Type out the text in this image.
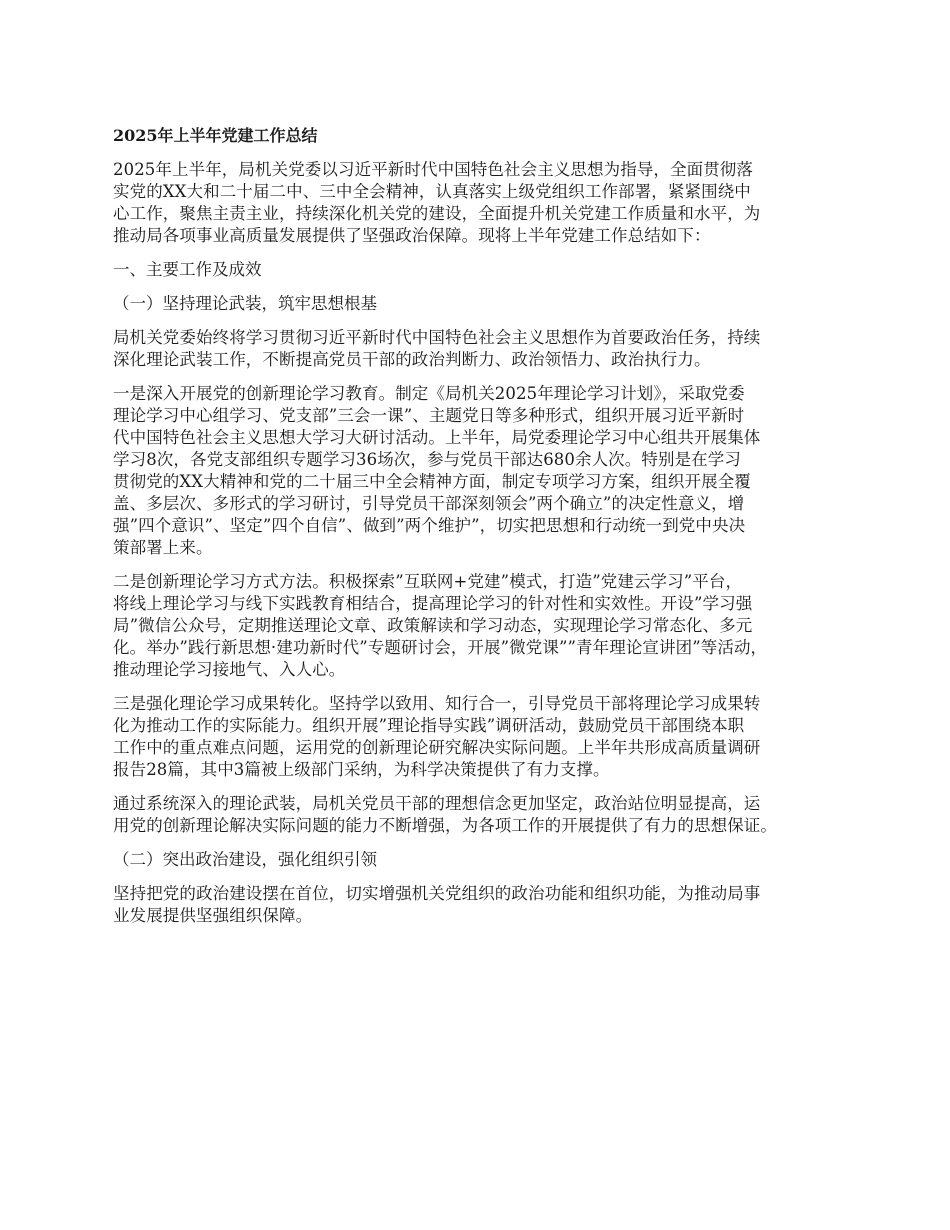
2025年上半年党建工作总结
2025年上半年，局机关党委以习近平新时代中国特色社会主义思想为指导，全面贯彻落
实党的XX大和二十届二中、三中全会精神，认真落实上级党组织工作部署，紧紧围绕中
心工作，聚焦主责主业，持续深化机关党的建设，全面提升机关党建工作质量和水平，为
推动局各项事业高质量发展提供了坚强政治保障。现将上半年党建工作总结如下：
一、主要工作及成效
（一）坚持理论武装，筑牢思想根基
局机关党委始终将学习贯彻习近平新时代中国特色社会主义思想作为首要政治任务，持续
深化理论武装工作，不断提高党员干部的政治判断力、政治领悟力、政治执行力。
一是深入开展党的创新理论学习教育。制定《局机关2025年理论学习计划》，采取党委
理论学习中心组学习、党支部”三会一课”、主题党日等多种形式，组织开展习近平新时
代中国特色社会主义思想大学习大研讨活动。上半年，局党委理论学习中心组共开展集体
学习8次，各党支部组织专题学习36场次，参与党员干部达680余人次。特别是在学习
贯彻党的XX大精神和党的二十届三中全会精神方面，制定专项学习方案，组织开展全覆
盖、多层次、多形式的学习研讨，引导党员干部深刻领会”两个确立”的决定性意义，增
强”四个意识”、坚定”四个自信”、做到”两个维护”，切实把思想和行动统一到党中央决
策部署上来。
二是创新理论学习方式方法。积极探索”互联网+党建”模式，打造”党建云学习”平台，
将线上理论学习与线下实践教育相结合，提高理论学习的针对性和实效性。开设”学习强
局”微信公众号，定期推送理论文章、政策解读和学习动态，实现理论学习常态化、多元
化。举办”践行新思想·建功新时代”专题研讨会，开展”微党课””青年理论宣讲团”等活动，
推动理论学习接地气、入人心。
三是强化理论学习成果转化。坚持学以致用、知行合一，引导党员干部将理论学习成果转
化为推动工作的实际能力。组织开展”理论指导实践”调研活动，鼓励党员干部围绕本职
工作中的重点难点问题，运用党的创新理论研究解决实际问题。上半年共形成高质量调研
报告28篇，其中3篇被上级部门采纳，为科学决策提供了有力支撑。
通过系统深入的理论武装，局机关党员干部的理想信念更加坚定，政治站位明显提高，运
用党的创新理论解决实际问题的能力不断增强，为各项工作的开展提供了有力的思想保证。
（二）突出政治建设，强化组织引领
坚持把党的政治建设摆在首位，切实增强机关党组织的政治功能和组织功能，为推动局事
业发展提供坚强组织保障。
